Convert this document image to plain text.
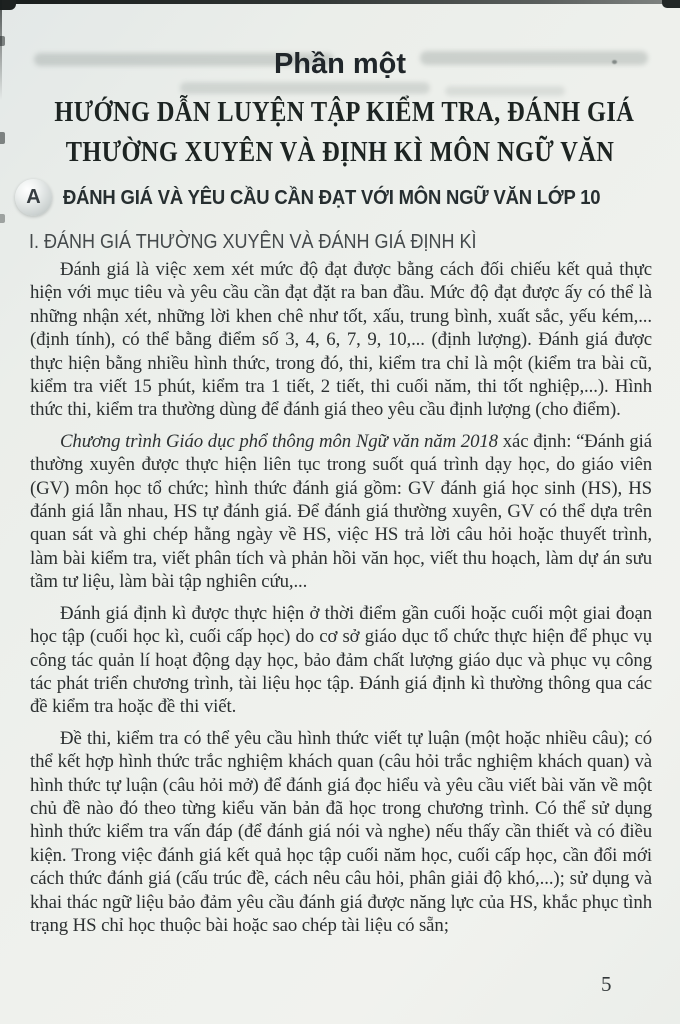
Phần một
HƯỚNG DẪN LUYỆN TẬP KIỂM TRA, ĐÁNH GIÁ
THƯỜNG XUYÊN VÀ ĐỊNH KÌ MÔN NGỮ VĂN
A	ĐÁNH GIÁ VÀ YÊU CẦU CẦN ĐẠT VỚI MÔN NGỮ VĂN LỚP 10
I. ĐÁNH GIÁ THƯỜNG XUYÊN VÀ ĐÁNH GIÁ ĐỊNH KÌ

Đánh giá là việc xem xét mức độ đạt được bằng cách đối chiếu kết quả thực hiện với mục tiêu và yêu cầu cần đạt đặt ra ban đầu. Mức độ đạt được ấy có thể là những nhận xét, những lời khen chê như tốt, xấu, trung bình, xuất sắc, yếu kém,... (định tính), có thể bằng điểm số 3, 4, 6, 7, 9, 10,... (định lượng). Đánh giá được thực hiện bằng nhiều hình thức, trong đó, thi, kiểm tra chỉ là một (kiểm tra bài cũ, kiểm tra viết 15 phút, kiểm tra 1 tiết, 2 tiết, thi cuối năm, thi tốt nghiệp,...). Hình thức thi, kiểm tra thường dùng để đánh giá theo yêu cầu định lượng (cho điểm).

Chương trình Giáo dục phổ thông môn Ngữ văn năm 2018 xác định: “Đánh giá thường xuyên được thực hiện liên tục trong suốt quá trình dạy học, do giáo viên (GV) môn học tổ chức; hình thức đánh giá gồm: GV đánh giá học sinh (HS), HS đánh giá lẫn nhau, HS tự đánh giá. Để đánh giá thường xuyên, GV có thể dựa trên quan sát và ghi chép hằng ngày về HS, việc HS trả lời câu hỏi hoặc thuyết trình, làm bài kiểm tra, viết phân tích và phản hồi văn học, viết thu hoạch, làm dự án sưu tầm tư liệu, làm bài tập nghiên cứu,...

Đánh giá định kì được thực hiện ở thời điểm gần cuối hoặc cuối một giai đoạn học tập (cuối học kì, cuối cấp học) do cơ sở giáo dục tổ chức thực hiện để phục vụ công tác quản lí hoạt động dạy học, bảo đảm chất lượng giáo dục và phục vụ công tác phát triển chương trình, tài liệu học tập. Đánh giá định kì thường thông qua các đề kiểm tra hoặc đề thi viết.

Đề thi, kiểm tra có thể yêu cầu hình thức viết tự luận (một hoặc nhiều câu); có thể kết hợp hình thức trắc nghiệm khách quan (câu hỏi trắc nghiệm khách quan) và hình thức tự luận (câu hỏi mở) để đánh giá đọc hiểu và yêu cầu viết bài văn về một chủ đề nào đó theo từng kiểu văn bản đã học trong chương trình. Có thể sử dụng hình thức kiểm tra vấn đáp (để đánh giá nói và nghe) nếu thấy cần thiết và có điều kiện. Trong việc đánh giá kết quả học tập cuối năm học, cuối cấp học, cần đổi mới cách thức đánh giá (cấu trúc đề, cách nêu câu hỏi, phân giải độ khó,...); sử dụng và khai thác ngữ liệu bảo đảm yêu cầu đánh giá được năng lực của HS, khắc phục tình trạng HS chỉ học thuộc bài hoặc sao chép tài liệu có sẵn;

5
